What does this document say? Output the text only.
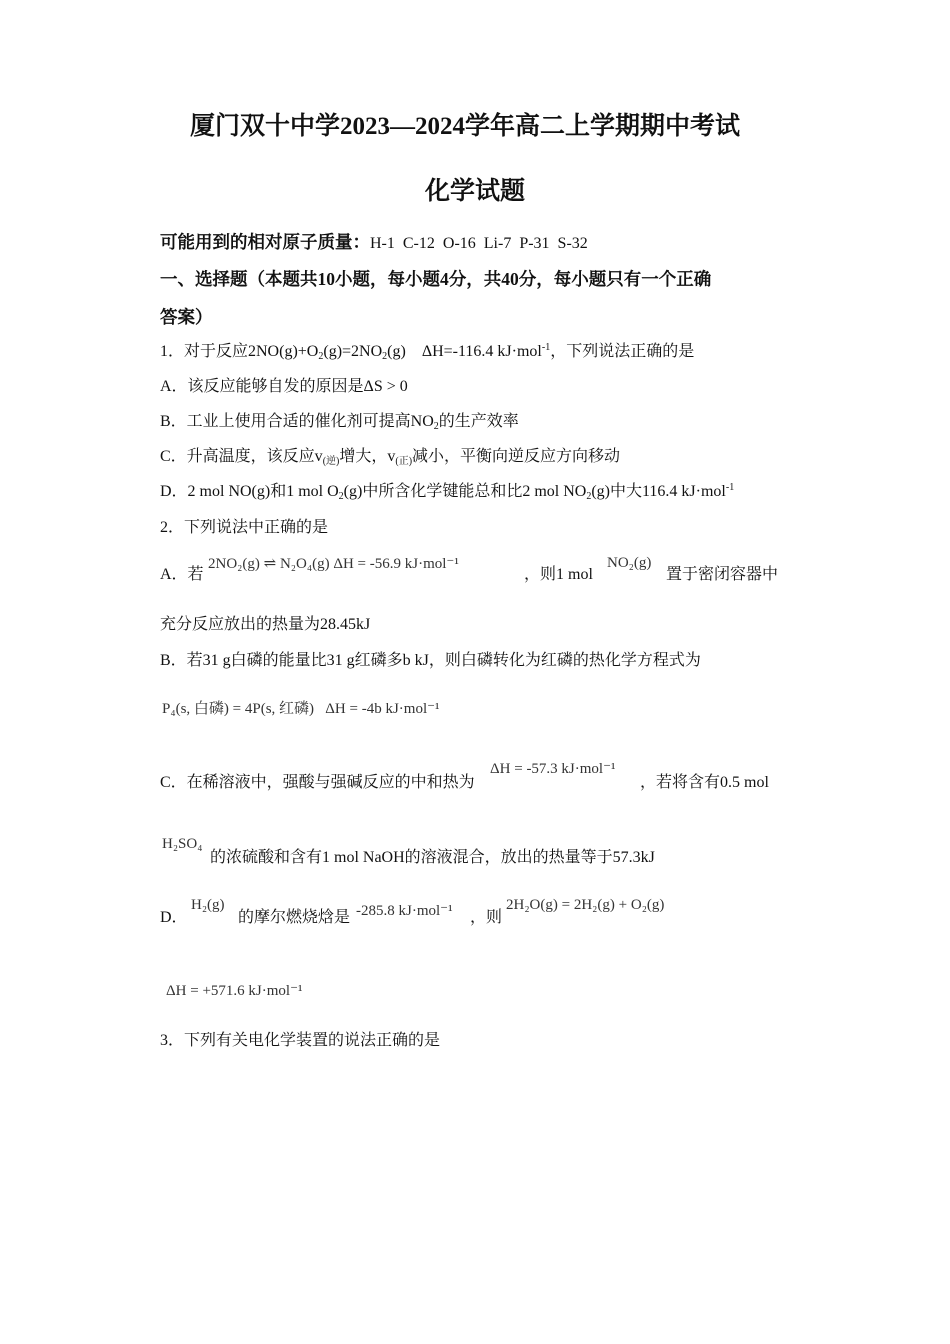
厦门双十中学2023—2024学年高二上学期期中考试
化学试题
可能用到的相对原子质量：H-1  C-12  O-16  Li-7  P-31  S-32
一、选择题（本题共10小题，每小题4分，共40分，每小题只有一个正确
答案）
1．对于反应$2NO(g)+O_2(g)=2NO_2(g)$    ΔH=-116.4 kJ·mol$^{-1}$，下列说法正确的是
A．该反应能够自发的原因是ΔS > 0
B．工业上使用合适的催化剂可提高$NO_2$的生产效率
C．升高温度，该反应$v_{(逆)}$增大，$v_{(正)}$减小，平衡向逆反应方向移动
D．2 mol NO(g)和1 mol $O_2(g)$中所含化学键能总和比2 mol $NO_2(g)$中大116.4 kJ·mol$^{-1}$
2．下列说法中正确的是
A．若
2NO₂(g) ⇌ N₂O₄(g) ΔH = -56.9 kJ·mol⁻¹
，则1 mol
NO₂(g)
置于密闭容器中
充分反应放出的热量为28.45kJ
B．若31 g白磷的能量比31 g红磷多b kJ，则白磷转化为红磷的热化学方程式为
P₄(s, 白磷) = 4P(s, 红磷)   ΔH = -4b kJ·mol⁻¹
C．在稀溶液中，强酸与强碱反应的中和热为
ΔH = -57.3 kJ·mol⁻¹
，若将含有0.5 mol
H₂SO₄
的浓硫酸和含有1 mol NaOH的溶液混合，放出的热量等于57.3kJ
D．
H₂(g)
的摩尔燃烧焓是 -285.8 kJ·mol⁻¹ ，则
2H₂O(g) = 2H₂(g) + O₂(g)
ΔH = +571.6 kJ·mol⁻¹
3．下列有关电化学装置的说法正确的是
